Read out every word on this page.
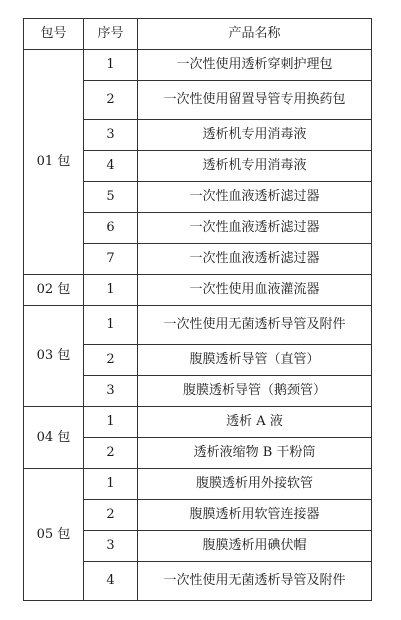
包号	序号	产品名称
01 包	1	一次性使用透析穿刺护理包
	2	一次性使用留置导管专用换药包
	3	透析机专用消毒液
	4	透析机专用消毒液
	5	一次性血液透析滤过器
	6	一次性血液透析滤过器
	7	一次性血液透析滤过器
02 包	1	一次性使用血液灌流器
03 包	1	一次性使用无菌透析导管及附件
	2	腹膜透析导管（直管）
	3	腹膜透析导管（鹅颈管）
04 包	1	透析 A 液
	2	透析液缩物 B 干粉筒
05 包	1	腹膜透析用外接软管
	2	腹膜透析用软管连接器
	3	腹膜透析用碘伏帽
	4	一次性使用无菌透析导管及附件
